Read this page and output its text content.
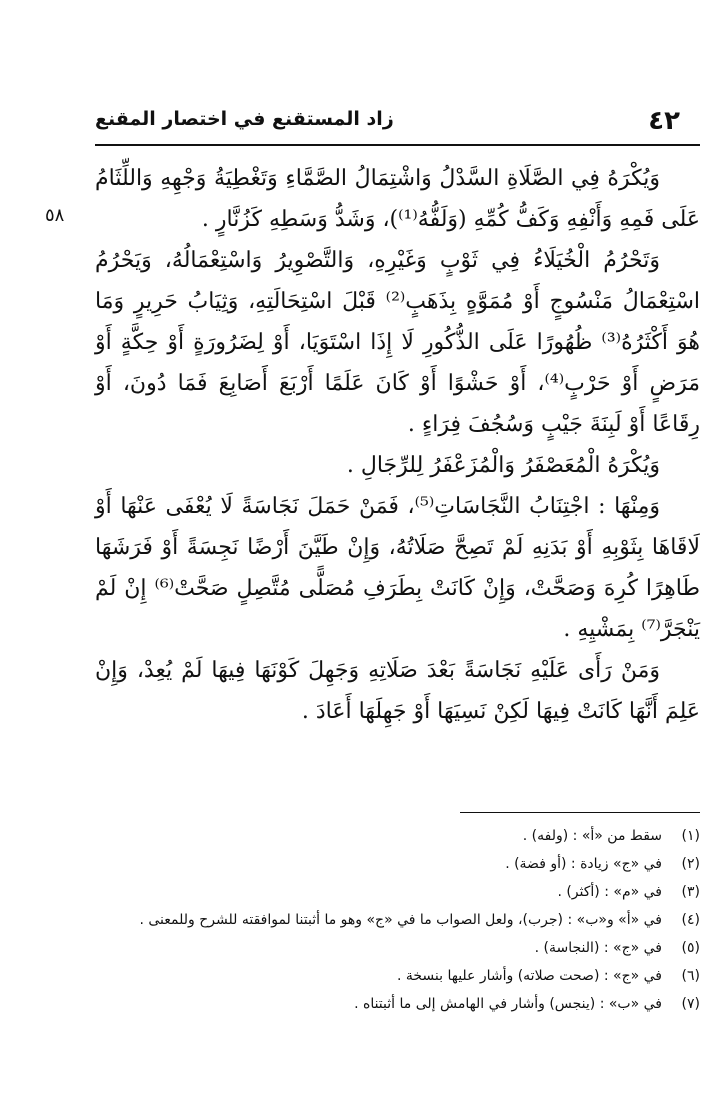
٤٢
زاد المستقنع في اختصار المقنع
٥٨

وَيُكْرَهُ فِي الصَّلَاةِ السَّدْلُ وَاشْتِمَالُ الصَّمَّاءِ وَتَغْطِيَةُ وَجْهِهِ وَاللِّثَامُ عَلَى فَمِهِ وَأَنْفِهِ وَكَفُّ كُمِّهِ (وَلَفُّهُ⁽¹⁾)، وَشَدُّ وَسَطِهِ كَزُنَّارٍ .

وَتَحْرُمُ الْخُيَلَاءُ فِي ثَوْبٍ وَغَيْرِهِ، وَالتَّصْوِيرُ وَاسْتِعْمَالُهُ، وَيَحْرُمُ اسْتِعْمَالُ مَنْسُوجٍ أَوْ مُمَوَّهٍ بِذَهَبٍ⁽²⁾ قَبْلَ اسْتِحَالَتِهِ، وَثِيَابُ حَرِيرٍ وَمَا هُوَ أَكْثَرُهُ⁽³⁾ ظُهُورًا عَلَى الذُّكُورِ لَا إِذَا اسْتَوَيَا، أَوْ لِضَرُورَةٍ أَوْ حِكَّةٍ أَوْ مَرَضٍ أَوْ حَرْبٍ⁽⁴⁾، أَوْ حَشْوًا أَوْ كَانَ عَلَمًا أَرْبَعَ أَصَابِعَ فَمَا دُونَ، أَوْ رِقَاعًا أَوْ لَبِنَةَ جَيْبٍ وَسُجُفَ فِرَاءٍ .

وَيُكْرَهُ الْمُعَصْفَرُ وَالْمُزَعْفَرُ لِلرِّجَالِ .

وَمِنْهَا : اجْتِنَابُ النَّجَاسَاتِ⁽⁵⁾، فَمَنْ حَمَلَ نَجَاسَةً لَا يُعْفَى عَنْهَا أَوْ لَاقَاهَا بِثَوْبِهِ أَوْ بَدَنِهِ لَمْ تَصِحَّ صَلَاتُهُ، وَإِنْ طَيَّنَ أَرْضًا نَجِسَةً أَوْ فَرَشَهَا طَاهِرًا كُرِهَ وَصَحَّتْ، وَإِنْ كَانَتْ بِطَرَفِ مُصَلًّى مُتَّصِلٍ صَحَّتْ⁽⁶⁾ إِنْ لَمْ يَنْجَرَّ⁽⁷⁾ بِمَشْيِهِ .

وَمَنْ رَأَى عَلَيْهِ نَجَاسَةً بَعْدَ صَلَاتِهِ وَجَهِلَ كَوْنَهَا فِيهَا لَمْ يُعِدْ، وَإِنْ عَلِمَ أَنَّهَا كَانَتْ فِيهَا لَكِنْ نَسِيَهَا أَوْ جَهِلَهَا أَعَادَ .

(١)سقط من «أ» : (ولفه) .
(٢)في «ج» زيادة : (أو فضة) .
(٣)في «م» : (أكثر) .
(٤)في «أ» و«ب» : (جرب)، ولعل الصواب ما في «ج» وهو ما أثبتنا لموافقته للشرح وللمعنى .
(٥)في «ج» : (النجاسة) .
(٦)في «ج» : (صحت صلاته) وأشار عليها بنسخة .
(٧)في «ب» : (ينجس) وأشار في الهامش إلى ما أثبتناه .
